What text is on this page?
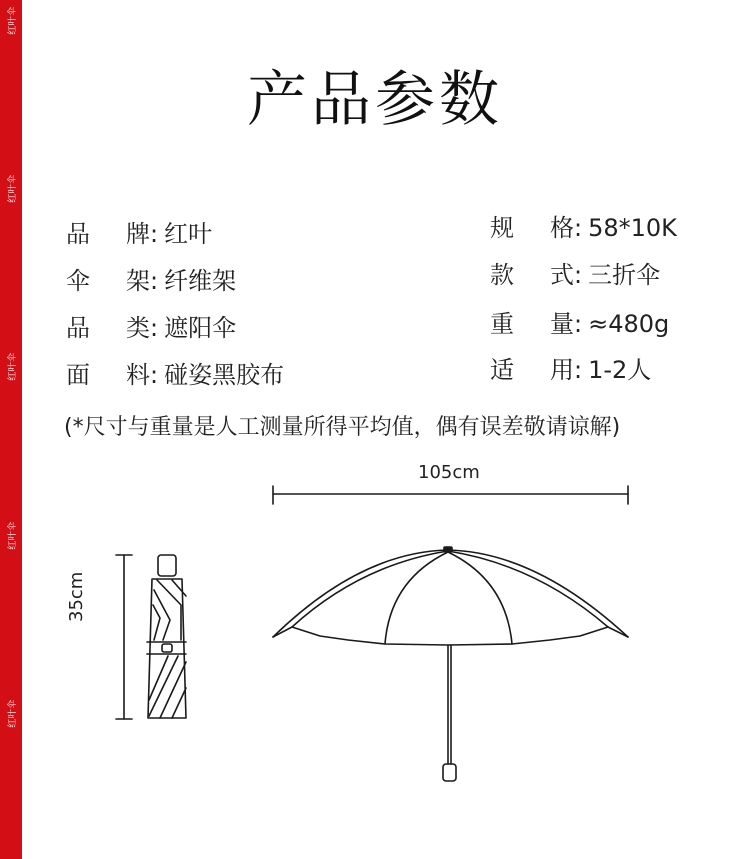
红叶伞
红叶伞
红叶伞
红叶伞
红叶伞
产品参数
品 牌: 红叶
伞 架: 纤维架
品 类: 遮阳伞
面 料: 碰姿黑胶布
规 格: 58*10K
款 式: 三折伞
重 量: ≈480g
适 用: 1-2人
(*尺寸与重量是人工测量所得平均值，偶有误差敬请谅解)
105cm
35cm
